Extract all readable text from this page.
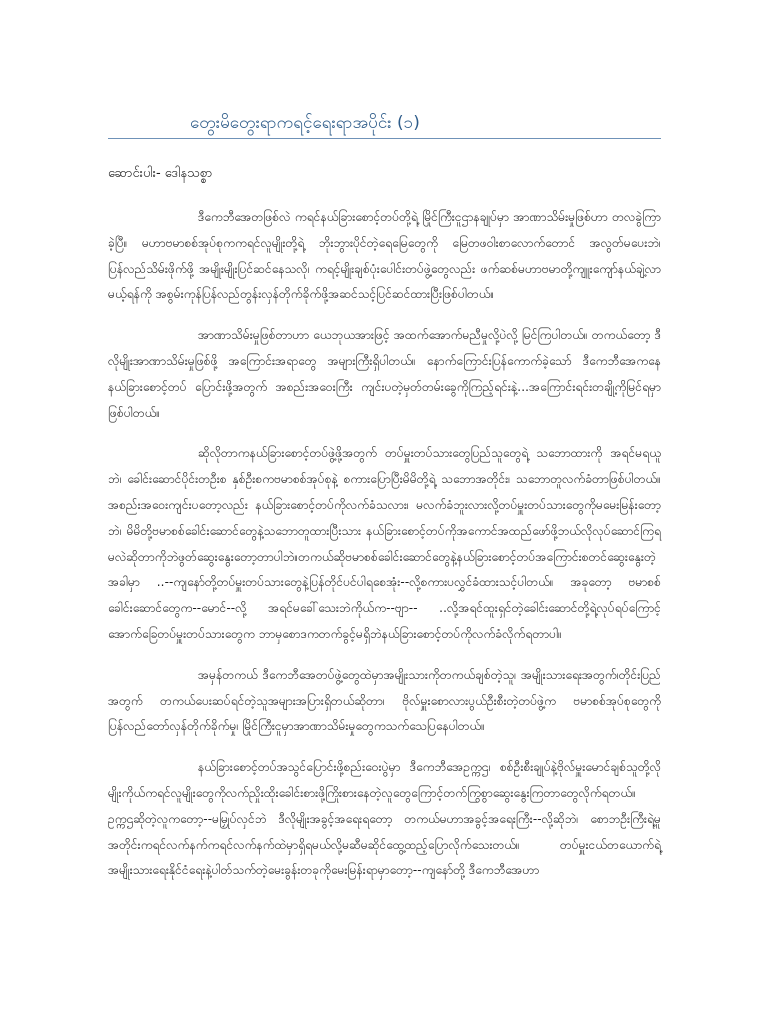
တွေးမိတွေးရာကရင့်ရေးရာအပိုင်း (၁)
ဆောင်းပါး- ဒေါနသစ္စာ

ဒီကေဘီအေတဖြစ်လဲ ကရင်နယ်ခြားစောင့်တပ်တို့ရဲ့ မြိုင်ကြီးငူဌာနချုပ်မှာ အာဏာသိမ်းမှုဖြစ်ဟာ တလခွဲကြာခဲ့ပြီ။ မဟာဗမာစစ်အုပ်စုကကရင်လူမျိုးတို့ရဲ့ ဘိုးဘွားပိုင်တဲ့ရေမြေတွေကို မြေတဖဝါးစာလောက်တောင် အလွတ်မပေးဘဲ၊ ပြန်လည်သိမ်းဖိုက်ဖို့ အမျိုးမျိုးပြင်ဆင်နေသလို၊ ကရင့်မျိုးချစ်ပုံးပေါင်းတပ်ဖွဲ့တွေလည်း ဖက်ဆစ်မဟာဗမာတို့ကျူးကျော်နယ်ချဲ့လာမယ့်ရန်ကို အစွမ်းကုန်ပြန်လည်တွန်းလှန်တိုက်ခိုက်ဖို့အဆင်သင့်ပြင်ဆင်ထားပြီးဖြစ်ပါတယ်။

အာဏာသိမ်းမှုဖြစ်တာဟာ ယေဘုယအားဖြင့် အထက်အောက်မညီမှုလို့ပဲလို့ မြင်ကြပါတယ်။ တကယ်တော့ ဒီလိုမျိုးအာဏာသိမ်းမှုဖြစ်ဖို့ အကြောင်းအရာတွေ အများကြီးရှိပါတယ်။ နောက်ကြောင်းပြန်ကောက်ခဲ့သော် ဒီကေဘီအေကနေ နယ်ခြားစောင့်တပ် ပြောင်းဖို့အတွက် အစည်းအဝေးကြီး ကျင်းပတဲ့မှတ်တမ်းခွေကိုကြည့်ရင်းနဲ့...အကြောင်းရင်းတချို့ကိုမြင်ရမှာဖြစ်ပါတယ်။

ဆိုလိုတာကနယ်ခြားစောင့်တပ်ဖွဲ့ဖို့အတွက် တပ်မှူးတပ်သားတွေပြည်သူတွေရဲ့ သဘောထားကို အရင်မရယူဘဲ၊ ခေါင်းဆောင်ပိုင်းတဦးစ နှစ်ဦးစကဗမာစစ်အုပ်စုနဲ့ စကားပြောပြီးမိမိတို့ရဲ့ သဘောအတိုင်း၊ သဘောတူလက်ခံတာဖြစ်ပါတယ်။ အစည်းအဝေးကျင်းပတော့လည်း နယ်ခြားစောင့်တပ်ကိုလက်ခံသလား၊ မလက်ခံဘူးလားလို့တပ်မှူးတပ်သားတွေကိုမမေးမြန်းတော့ဘဲ၊ မိမိတို့ဗမာစစ်ခေါင်းဆောင်တွေနဲ့သဘောတူထားပြီးသား နယ်ခြားစောင့်တပ်ကိုအကောင်အထည်ဖော်ဖို့ဘယ်လိုလုပ်ဆောင်ကြရမလဲဆိုတာကိုဘဲဖွတ်ဆွေးနွေးတော့တာပါဘဲ။တကယ်ဆိုဗမာစစ်ခေါင်းဆောင်တွေနဲ့နယ်ခြားစောင့်တပ်အကြောင်းစတင်ဆွေးနွေးတဲ့အခါမှာ ..--ကျနော်တို့တပ်မှူးတပ်သားတွေနဲ့ပြန်တိုင်ပင်ပါရစေအုံး--လို့စကားပလွှင်ခံထားသင့်ပါတယ်။ အခုတော့ ဗမာစစ်ခေါင်းဆောင်တွေက--မောင်--လို့ အရင်မခေါ်သေးဘဲကိုယ်က--ဗျာ-- ..လို့အရင်ထူးရှင်တဲ့ခေါင်းဆောင်တို့ရဲ့လုပ်ရပ်ကြောင့် အောက်ခြေတပ်မှူးတပ်သားတွေက ဘာမှစောဒကတက်ခွင့်မရှိဘဲနယ်ခြားစောင့်တပ်ကိုလက်ခံလိုက်ရတာပါ။

အမှန်တကယ် ဒီကေဘီအေတပ်ဖွဲ့တွေထဲမှာအမျိုးသားကိုတကယ်ချစ်တဲ့သူ၊ အမျိုးသားရေးအတွက်၊တိုင်းပြည်အတွက် တကယ်ပေးဆပ်ရင်တဲ့သူအများအပြားရှိတယ်ဆိုတာ၊ ဗိုလ်မှူးစောလားပွယ်ဦးစီးတဲ့တပ်ဖွဲ့က ဗမာစစ်အုပ်စုတွေကို ပြန်လည်တော်လှန်တိုက်ခိုက်မှု၊ မြိုင်ကြီးငူမှာအာဏာသိမ်းမှုတွေကသက်သေပြနေပါတယ်။

နယ်ခြားစောင့်တပ်အသွင်ပြောင်းဖို့စည်းဝေးပွဲမှာ ဒီကေဘီအေဥက္ကဌ၊ စစ်ဦးစီးချုပ်နဲ့ဗိုလ်မှူးမောင်ချစ်သူတို့လိုမျိုးကိုယ်ကရင်လူမျိုးတွေကိုလက်ညှိုးထိုးခေါင်းစားဖို့ကြိုးစားနေတဲ့လူတွေကြောင့်တက်ကြွစွာဆွေးနွေးကြတာတွေလိုက်ရတယ်။ဥက္ကဌဆိုတဲ့လူကတော့--မမြှုပ်လှင်ဘဲ ဒီလိုမျိုးအခွင့်အရေးရတော့ တကယ်မဟာအခွင့်အရေးကြီး--လို့ဆိုဘဲ၊ စောဘဦးကြီးရဲ့မူအတိုင်းကရင်လက်နက်ကရင်လက်နက်ထဲမှာရှိရမယ်လို့မဆီမဆိုင်ထွေ့ထည့်ပြောလိုက်သေးတယ်။ တပ်မှူးငယ်တယောက်ရဲ့အမျိုးသားရေးနိုင်ငံရေးနဲ့ပါတ်သက်တဲ့မေးခွန်းတခုကိုမေးမြန်းရာမှာတော့--ကျနော်တို့ ဒီကေဘီအေဟာ
